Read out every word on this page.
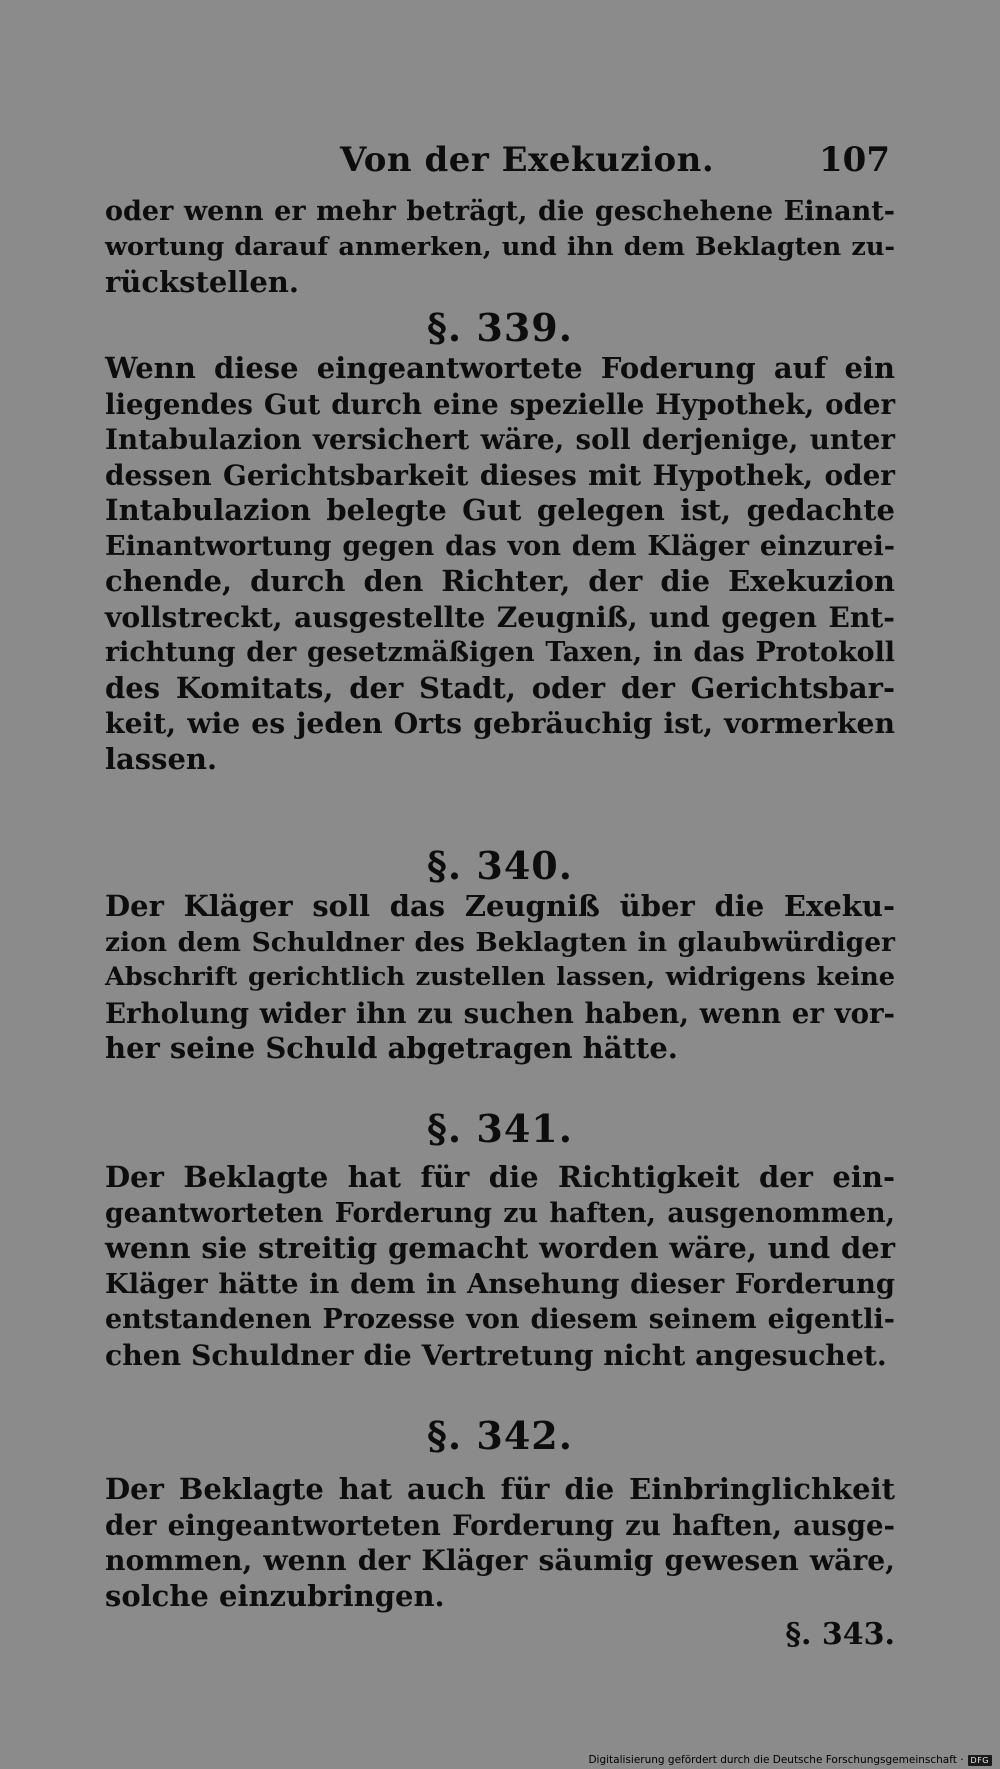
Von der Exekuzion.	107
oder wenn er mehr beträgt, die geschehene Einant-
wortung darauf anmerken, und ihn dem Beklagten zu-
rückstellen.
§. 339.
Wenn diese eingeantwortete Foderung auf ein
liegendes Gut durch eine spezielle Hypothek, oder
Intabulazion versichert wäre, soll derjenige, unter
dessen Gerichtsbarkeit dieses mit Hypothek, oder
Intabulazion belegte Gut gelegen ist, gedachte
Einantwortung gegen das von dem Kläger einzurei-
chende, durch den Richter, der die Exekuzion
vollstreckt, ausgestellte Zeugniß, und gegen Ent-
richtung der gesetzmäßigen Taxen, in das Protokoll
des Komitats, der Stadt, oder der Gerichtsbar-
keit, wie es jeden Orts gebräuchig ist, vormerken
lassen.
§. 340.
Der Kläger soll das Zeugniß über die Exeku-
zion dem Schuldner des Beklagten in glaubwürdiger
Abschrift gerichtlich zustellen lassen, widrigens keine
Erholung wider ihn zu suchen haben, wenn er vor-
her seine Schuld abgetragen hätte.
§. 341.
Der Beklagte hat für die Richtigkeit der ein-
geantworteten Forderung zu haften, ausgenommen,
wenn sie streitig gemacht worden wäre, und der
Kläger hätte in dem in Ansehung dieser Forderung
entstandenen Prozesse von diesem seinem eigentli-
chen Schuldner die Vertretung nicht angesuchet.
§. 342.
Der Beklagte hat auch für die Einbringlichkeit
der eingeantworteten Forderung zu haften, ausge-
nommen, wenn der Kläger säumig gewesen wäre,
solche einzubringen.
§. 343.
Digitalisierung gefördert durch die Deutsche Forschungsgemeinschaft · DFG
